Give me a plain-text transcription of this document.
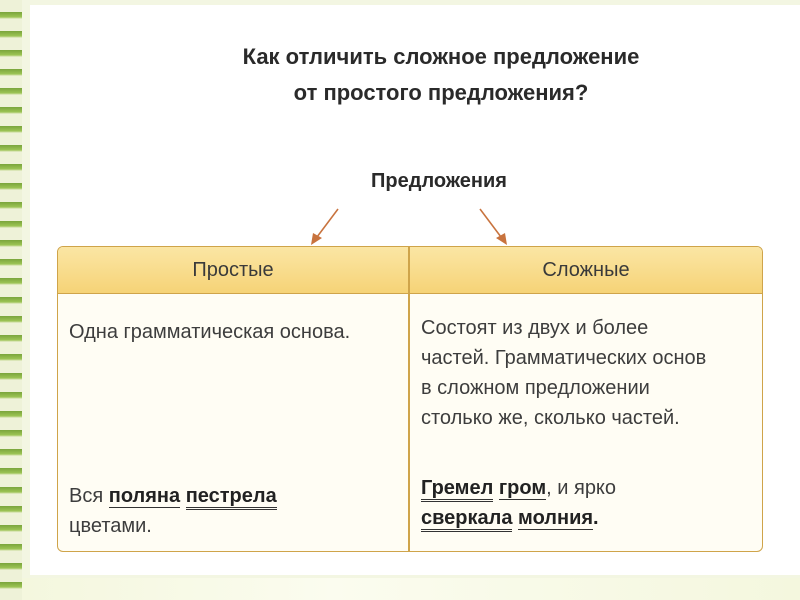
Как отличить сложное предложение
от простого предложения?
Предложения
Простые	Сложные
Одна грамматическая основа.	Состоят из двух и более
частей. Грамматических основ
в сложном предложении
столько же, сколько частей.
Вся поляна пестрела
цветами.
Гремел гром, и ярко
сверкала молния.
